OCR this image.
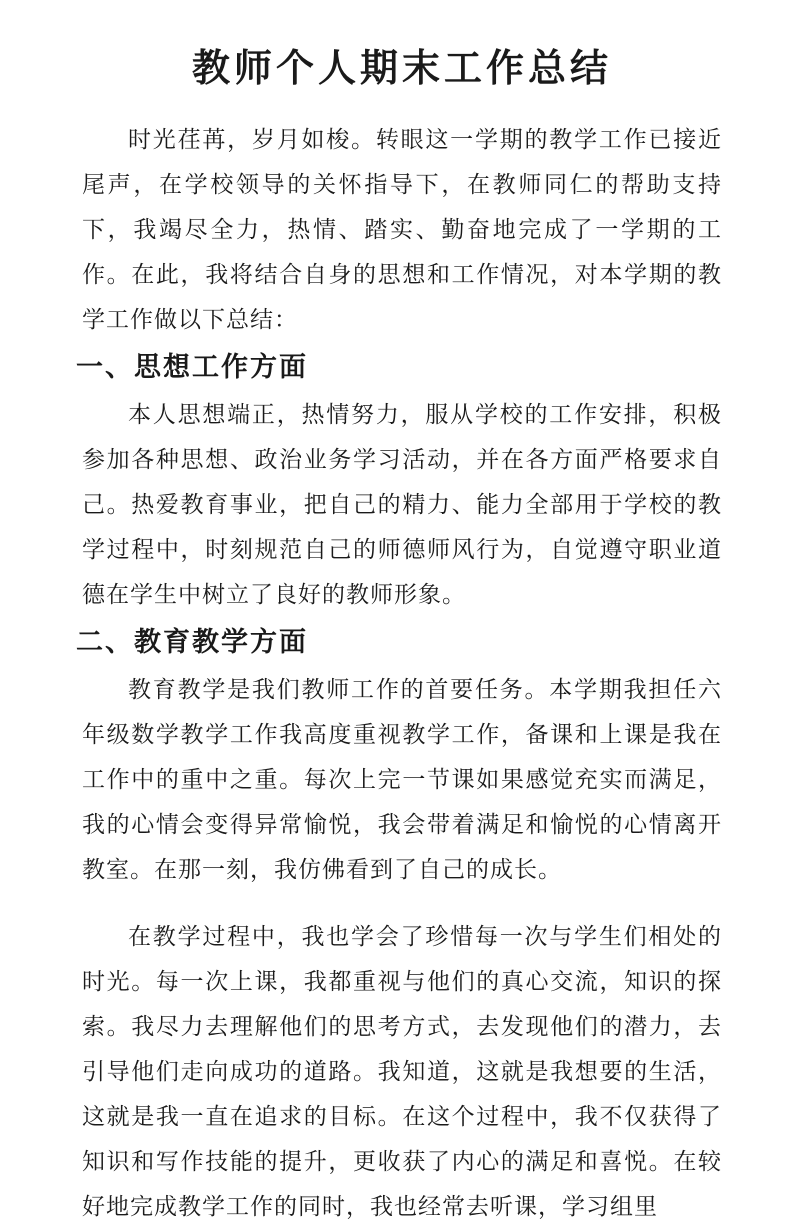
教师个人期末工作总结

时光荏苒，岁月如梭。转眼这一学期的教学工作已接近尾声，在学校领导的关怀指导下，在教师同仁的帮助支持下，我竭尽全力，热情、踏实、勤奋地完成了一学期的工作。在此，我将结合自身的思想和工作情况，对本学期的教学工作做以下总结：

一、思想工作方面

本人思想端正，热情努力，服从学校的工作安排，积极参加各种思想、政治业务学习活动，并在各方面严格要求自己。热爱教育事业，把自己的精力、能力全部用于学校的教学过程中，时刻规范自己的师德师风行为，自觉遵守职业道德在学生中树立了良好的教师形象。

二、教育教学方面

教育教学是我们教师工作的首要任务。本学期我担任六年级数学教学工作我高度重视教学工作，备课和上课是我在工作中的重中之重。每次上完一节课如果感觉充实而满足，我的心情会变得异常愉悦，我会带着满足和愉悦的心情离开教室。在那一刻，我仿佛看到了自己的成长。

在教学过程中，我也学会了珍惜每一次与学生们相处的时光。每一次上课，我都重视与他们的真心交流，知识的探索。我尽力去理解他们的思考方式，去发现他们的潜力，去引导他们走向成功的道路。我知道，这就是我想要的生活，这就是我一直在追求的目标。在这个过程中，我不仅获得了知识和写作技能的提升，更收获了内心的满足和喜悦。在较好地完成教学工作的同时，我也经常去听课，学习组里
